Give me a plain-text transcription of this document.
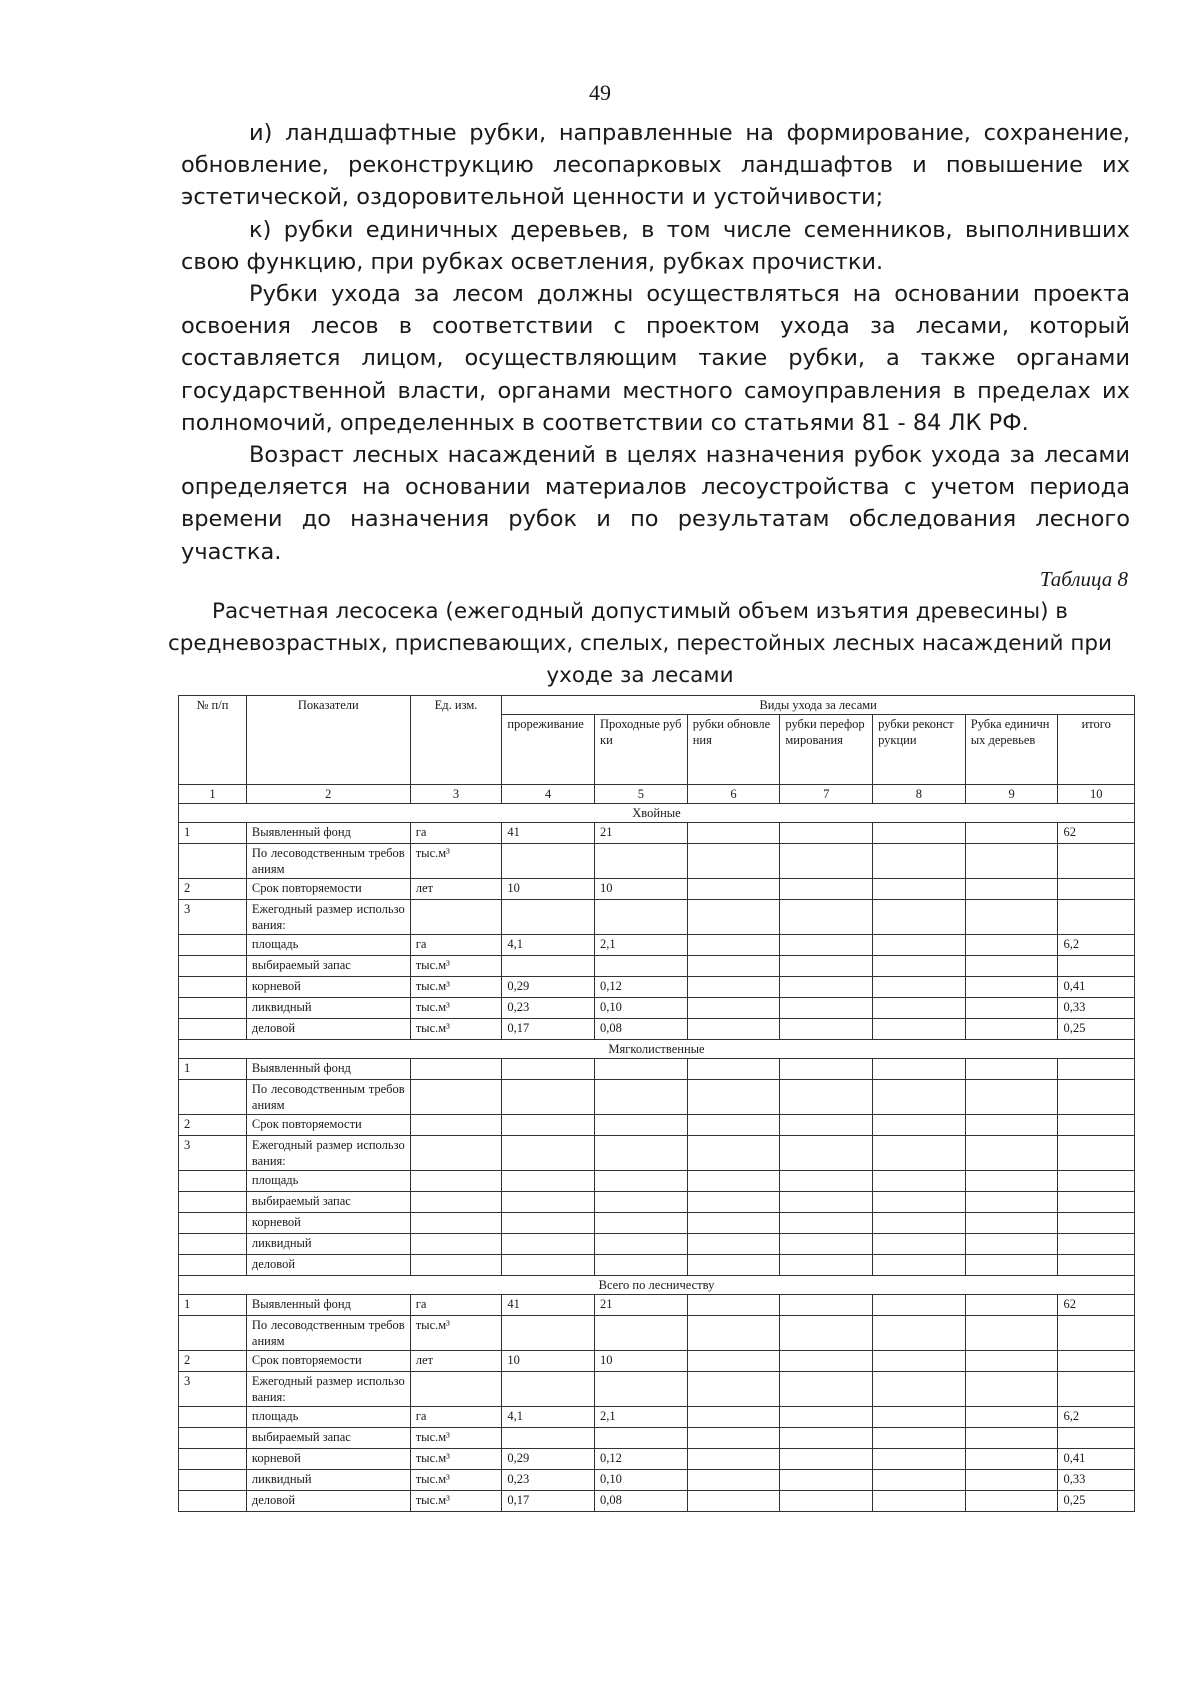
49

и) ландшафтные рубки, направленные на формирование, сохранение, обновление, реконструкцию лесопарковых ландшафтов и повышение их эстетической, оздоровительной ценности и устойчивости;

к) рубки единичных деревьев, в том числе семенников, выполнивших свою функцию, при рубках осветления, рубках прочистки.

Рубки ухода за лесом должны осуществляться на основании проекта освоения лесов в соответствии с проектом ухода за лесами, который составляется лицом, осуществляющим такие рубки, а также органами государственной власти, органами местного самоуправления в пределах их полномочий, определенных в соответствии со статьями 81 - 84 ЛК РФ.

Возраст лесных насаждений в целях назначения рубок ухода за лесами определяется на основании материалов лесоустройства с учетом периода времени до назначения рубок и по результатам обследования лесного участка.

Таблица 8
Расчетная лесосека (ежегодный допустимый объем изъятия древесины) в средневозрастных, приспевающих, спелых, перестойных лесных насаждений при уходе за лесами
№ п/п	Показатели	Ед. изм.	Виды ухода за лесами						
			прореживание	Проходные рубки	рубки обновления	рубки переформирования	рубки реконструкции	Рубка единичных деревьев	итого
1	2	3	4	5	6	7	8	9	10
Хвойные									
1	Выявленный фонд	га	41	21					62
	По лесоводственным требованиям	тыс.м³							
2	Срок повторяемости	лет	10	10					
3	Ежегодный размер использования:								
	площадь	га	4,1	2,1					6,2
	выбираемый запас	тыс.м³							
	корневой	тыс.м³	0,29	0,12					0,41
	ликвидный	тыс.м³	0,23	0,10					0,33
	деловой	тыс.м³	0,17	0,08					0,25
Мягколиственные									
1	Выявленный фонд								
	По лесоводственным требованиям								
2	Срок повторяемости								
3	Ежегодный размер использования:								
	площадь								
	выбираемый запас								
	корневой								
	ликвидный								
	деловой								
Всего по лесничеству									
1	Выявленный фонд	га	41	21					62
	По лесоводственным требованиям	тыс.м³							
2	Срок повторяемости	лет	10	10					
3	Ежегодный размер использования:								
	площадь	га	4,1	2,1					6,2
	выбираемый запас	тыс.м³							
	корневой	тыс.м³	0,29	0,12					0,41
	ликвидный	тыс.м³	0,23	0,10					0,33
	деловой	тыс.м³	0,17	0,08					0,25
